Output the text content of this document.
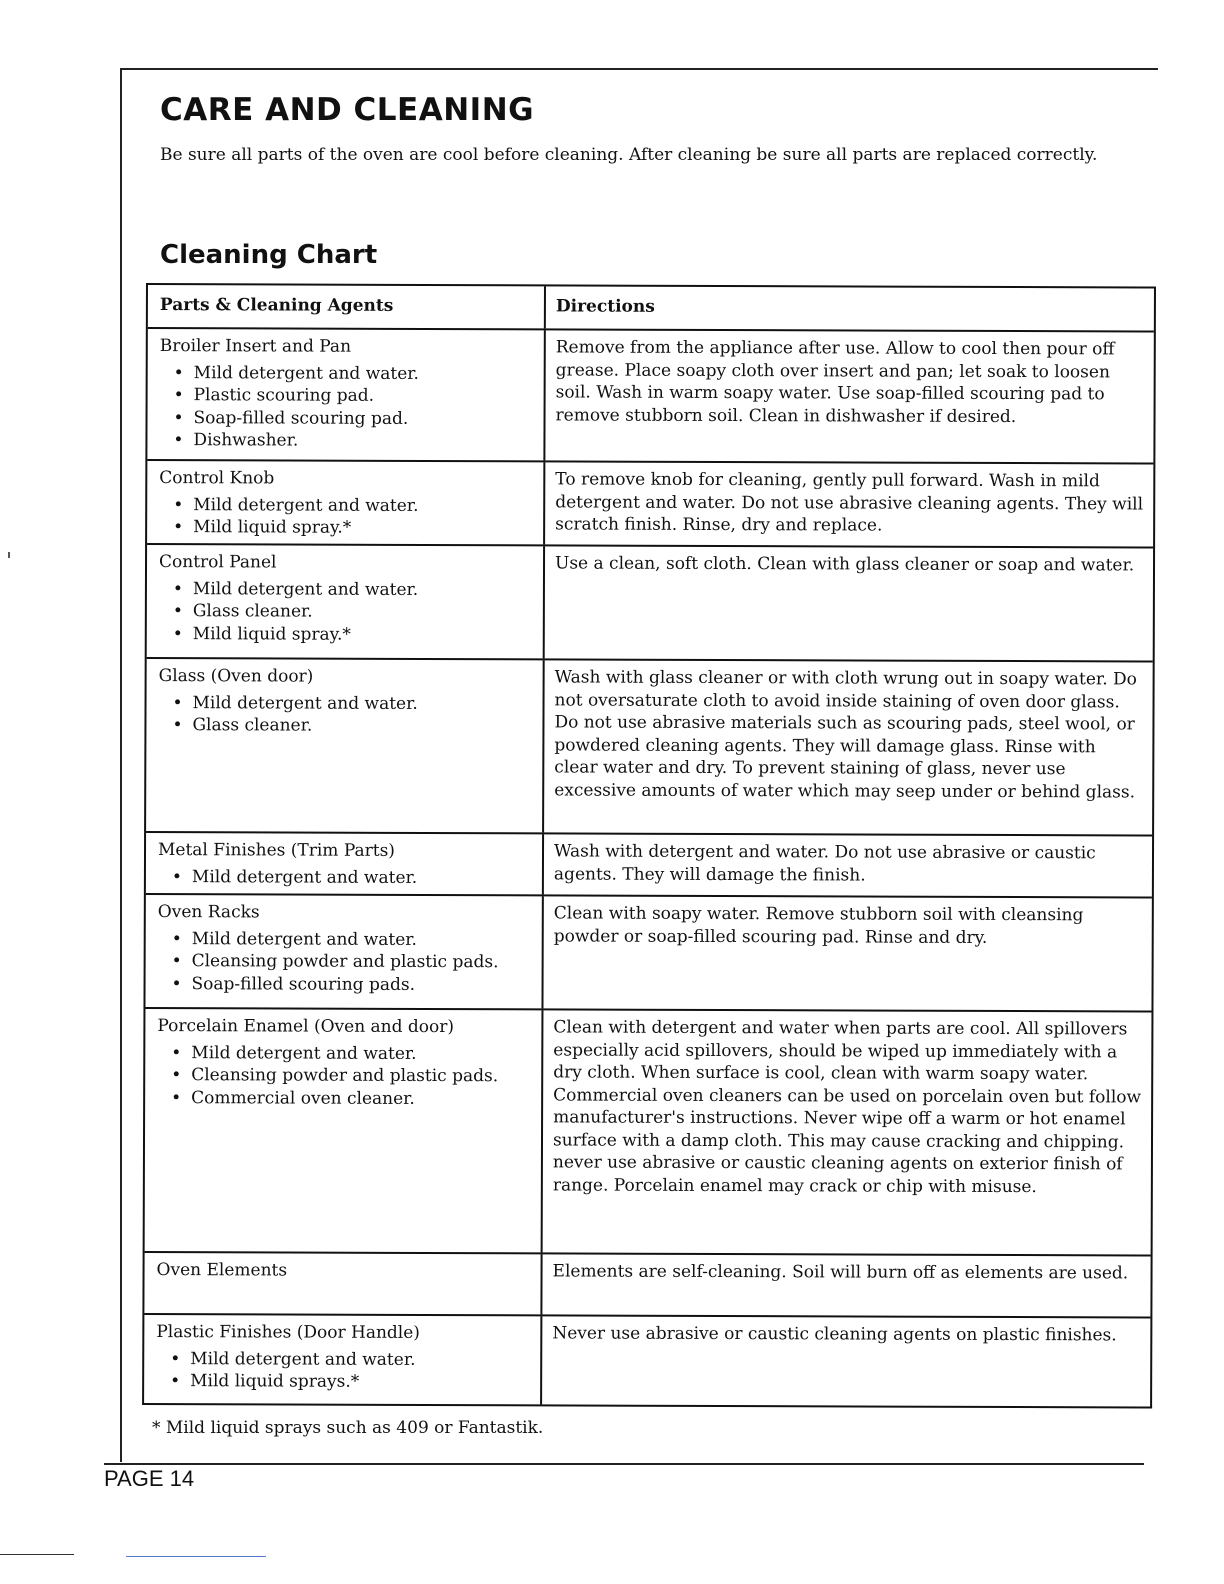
CARE AND CLEANING

Be sure all parts of the oven are cool before cleaning. After cleaning be sure all parts are replaced correctly.

Cleaning Chart
Parts & Cleaning Agents	Directions

Broiler Insert and Pan

• Mild detergent and water.
• Plastic scouring pad.
• Soap-filled scouring pad.
• Dishwasher.
Remove from the appliance after use. Allow to cool then pour off grease. Place soapy cloth over insert and pan; let soak to loosen soil. Wash in warm soapy water. Use soap-filled scouring pad to remove stubborn soil. Clean in dishwasher if desired.

Control Knob

• Mild detergent and water.
• Mild liquid spray.*
To remove knob for cleaning, gently pull forward. Wash in mild detergent and water. Do not use abrasive cleaning agents. They will scratch finish. Rinse, dry and replace.

Control Panel

• Mild detergent and water.
• Glass cleaner.
• Mild liquid spray.*
Use a clean, soft cloth. Clean with glass cleaner or soap and water.

Glass (Oven door)

• Mild detergent and water.
• Glass cleaner.
Wash with glass cleaner or with cloth wrung out in soapy water. Do not oversaturate cloth to avoid inside staining of oven door glass. Do not use abrasive materials such as scouring pads, steel wool, or powdered cleaning agents. They will damage glass. Rinse with clear water and dry. To prevent staining of glass, never use excessive amounts of water which may seep under or behind glass.

Metal Finishes (Trim Parts)

• Mild detergent and water.
Wash with detergent and water. Do not use abrasive or caustic agents. They will damage the finish.

Oven Racks

• Mild detergent and water.
• Cleansing powder and plastic pads.
• Soap-filled scouring pads.
Clean with soapy water. Remove stubborn soil with cleansing powder or soap-filled scouring pad. Rinse and dry.

Porcelain Enamel (Oven and door)

• Mild detergent and water.
• Cleansing powder and plastic pads.
• Commercial oven cleaner.
Clean with detergent and water when parts are cool. All spillovers especially acid spillovers, should be wiped up immediately with a dry cloth. When surface is cool, clean with warm soapy water. Commercial oven cleaners can be used on porcelain oven but follow manufacturer's instructions. Never wipe off a warm or hot enamel surface with a damp cloth. This may cause cracking and chipping. never use abrasive or caustic cleaning agents on exterior finish of range. Porcelain enamel may crack or chip with misuse.

Oven Elements	Elements are self-cleaning. Soil will burn off as elements are used.

Plastic Finishes (Door Handle)

• Mild detergent and water.
• Mild liquid sprays.*
Never use abrasive or caustic cleaning agents on plastic finishes.

* Mild liquid sprays such as 409 or Fantastik.

PAGE 14
